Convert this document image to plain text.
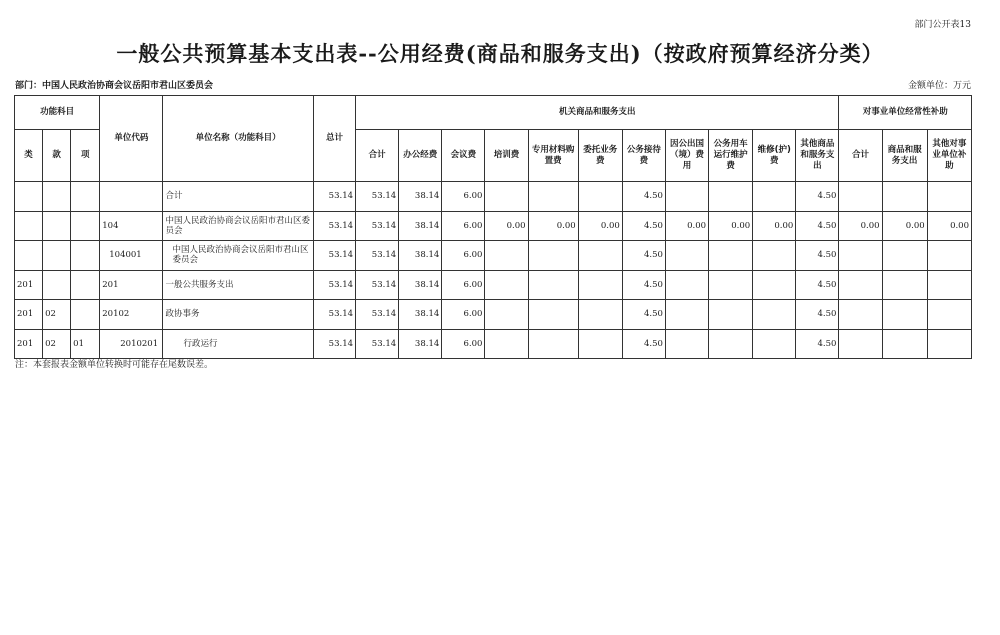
部门公开表13
一般公共预算基本支出表--公用经费(商品和服务支出)（按政府预算经济分类）
部门：中国人民政治协商会议岳阳市君山区委员会	金额单位：万元
功能科目			单位代码	单位名称（功能科目）	总计	机关商品和服务支出											对事业单位经常性补助		
类	款	项				合计	办公经费	会议费	培训费	专用材料购置费	委托业务费	公务接待费	因公出国（境）费用	公务用车运行维护费	维修(护)费	其他商品和服务支出	合计	商品和服务支出	其他对事业单位补助
				合计	53.14	53.14	38.14	6.00				4.50				4.50			
			104	中国人民政治协商会议岳阳市君山区委员会	53.14	53.14	38.14	6.00	0.00	0.00	0.00	4.50	0.00	0.00	0.00	4.50	0.00	0.00	0.00
			104001	中国人民政治协商会议岳阳市君山区委员会	53.14	53.14	38.14	6.00				4.50				4.50			
201			201	一般公共服务支出	53.14	53.14	38.14	6.00				4.50				4.50			
201	02		20102	政协事务	53.14	53.14	38.14	6.00				4.50				4.50			
201	02	01	2010201	行政运行	53.14	53.14	38.14	6.00				4.50				4.50			
注：本套报表金额单位转换时可能存在尾数误差。
